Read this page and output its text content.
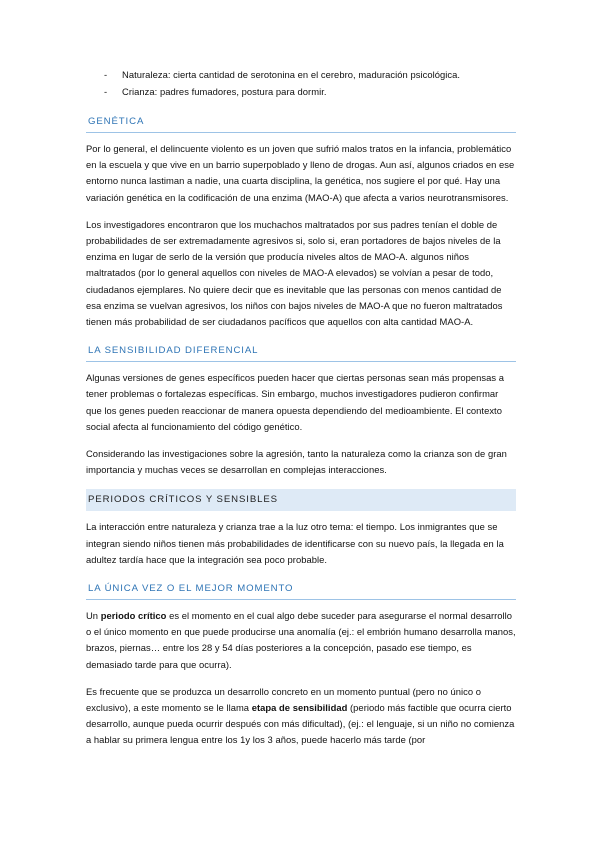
- Naturaleza: cierta cantidad de serotonina en el cerebro, maduración psicológica.
- Crianza: padres fumadores, postura para dormir.
GENÉTICA

Por lo general, el delincuente violento es un joven que sufrió malos tratos en la infancia, problemático en la escuela y que vive en un barrio superpoblado y lleno de drogas. Aun así, algunos criados en ese entorno nunca lastiman a nadie, una cuarta disciplina, la genética, nos sugiere el por qué. Hay una variación genética en la codificación de una enzima (MAO-A) que afecta a varios neurotransmisores.

Los investigadores encontraron que los muchachos maltratados por sus padres tenían el doble de probabilidades de ser extremadamente agresivos si, solo si, eran portadores de bajos niveles de la enzima en lugar de serlo de la versión que producía niveles altos de MAO-A. algunos niños maltratados (por lo general aquellos con niveles de MAO-A elevados) se volvían a pesar de todo, ciudadanos ejemplares. No quiere decir que es inevitable que las personas con menos cantidad de esa enzima se vuelvan agresivos, los niños con bajos niveles de MAO-A que no fueron maltratados tienen más probabilidad de ser ciudadanos pacíficos que aquellos con alta cantidad MAO-A.

LA SENSIBILIDAD DIFERENCIAL

Algunas versiones de genes específicos pueden hacer que ciertas personas sean más propensas a tener problemas o fortalezas específicas. Sin embargo, muchos investigadores pudieron confirmar que los genes pueden reaccionar de manera opuesta dependiendo del medioambiente. El contexto social afecta al funcionamiento del código genético.

Considerando las investigaciones sobre la agresión, tanto la naturaleza como la crianza son de gran importancia y muchas veces se desarrollan en complejas interacciones.

PERIODOS CRÍTICOS Y SENSIBLES

La interacción entre naturaleza y crianza trae a la luz otro tema: el tiempo. Los inmigrantes que se integran siendo niños tienen más probabilidades de identificarse con su nuevo país, la llegada en la adultez tardía hace que la integración sea poco probable.

LA ÚNICA VEZ O EL MEJOR MOMENTO

Un periodo crítico es el momento en el cual algo debe suceder para asegurarse el normal desarrollo o el único momento en que puede producirse una anomalía (ej.: el embrión humano desarrolla manos, brazos, piernas… entre los 28 y 54 días posteriores a la concepción, pasado ese tiempo, es demasiado tarde para que ocurra).

Es frecuente que se produzca un desarrollo concreto en un momento puntual (pero no único o exclusivo), a este momento se le llama etapa de sensibilidad (periodo más factible que ocurra cierto desarrollo, aunque pueda ocurrir después con más dificultad), (ej.: el lenguaje, si un niño no comienza a hablar su primera lengua entre los 1y los 3 años, puede hacerlo más tarde (por
